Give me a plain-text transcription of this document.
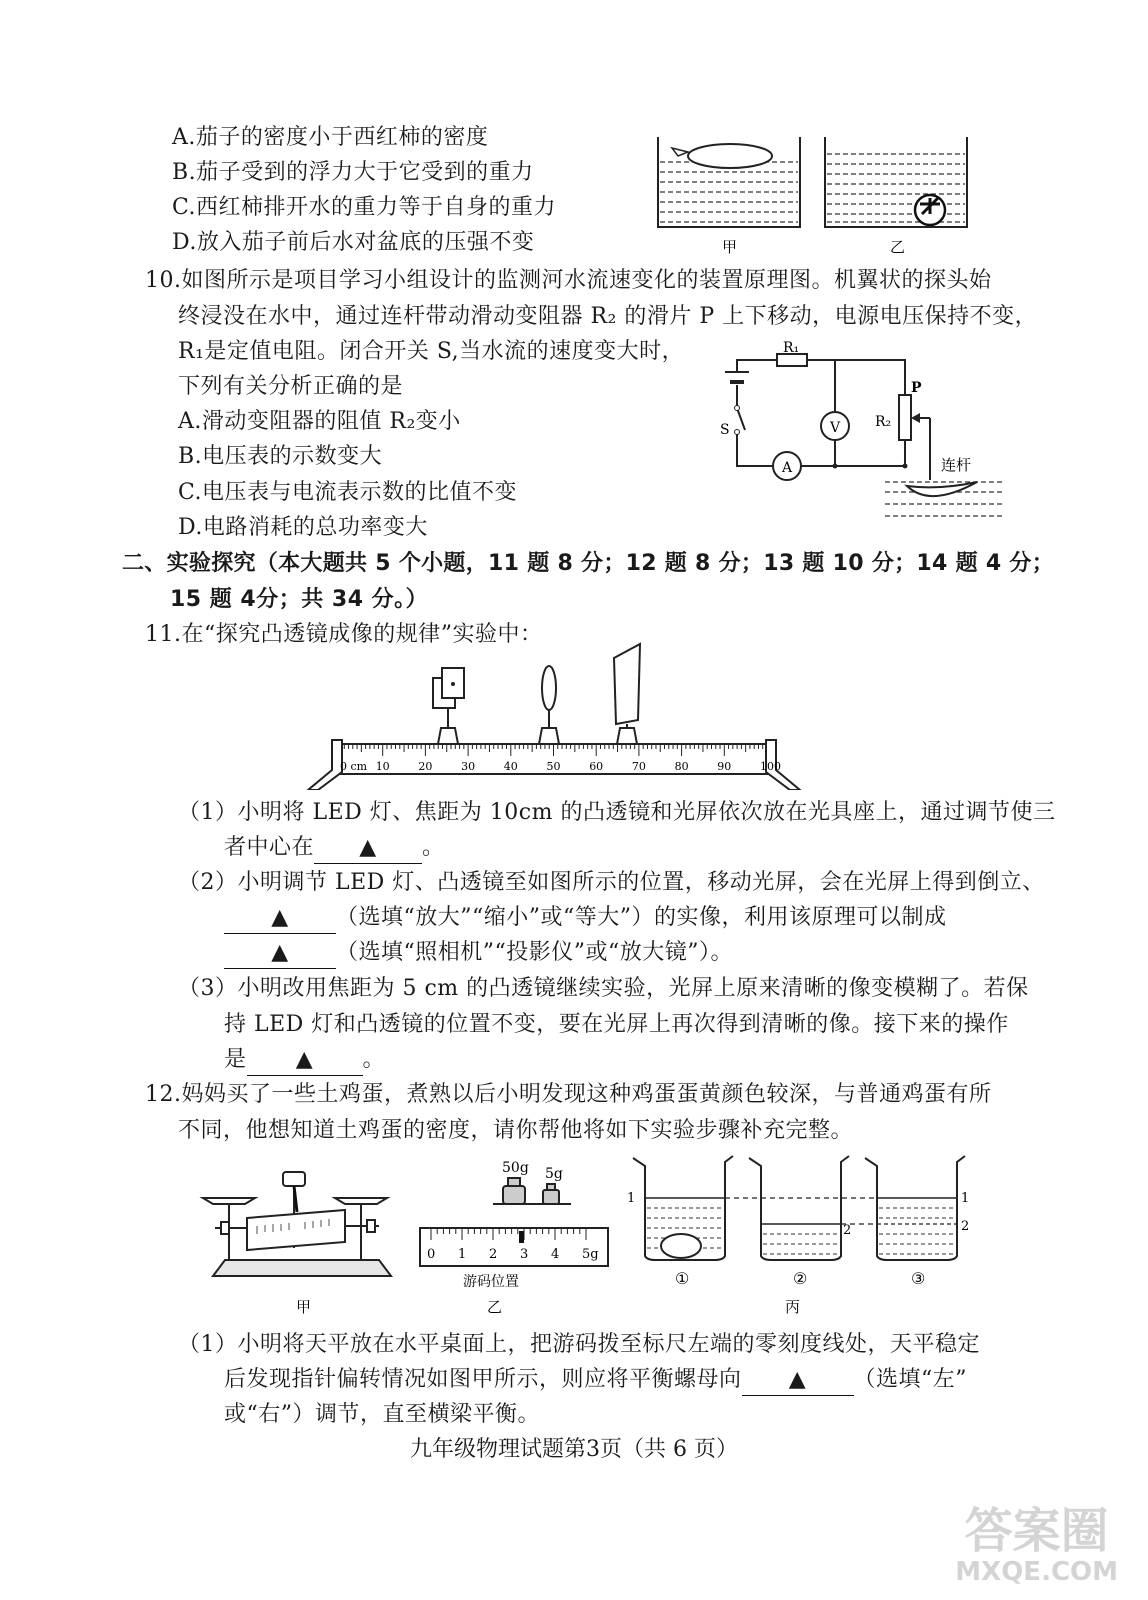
A.茄子的密度小于西红柿的密度
B.茄子受到的浮力大于它受到的重力
C.西红柿排开水的重力等于自身的重力
D.放入茄子前后水对盆底的压强不变	甲	乙
10.如图所示是项目学习小组设计的监测河水流速变化的装置原理图。机翼状的探头始
终浸没在水中，通过连杆带动滑动变阻器 R₂ 的滑片 P 上下移动，电源电压保持不变，
R₁是定值电阻。闭合开关 S,当水流的速度变大时，
下列有关分析正确的是
A.滑动变阻器的阻值 R₂变小
B.电压表的示数变大
C.电压表与电流表示数的比值不变
D.电路消耗的总功率变大
R₁
R₂
P
S	V
A	连杆
二、实验探究（本大题共 5 个小题，11 题 8 分；12 题 8 分；13 题 10 分；14 题 4 分；
15 题 4分；共 34 分。）
11.在“探究凸透镜成像的规律”实验中：
0 cm 10	20	30	40	50	60	70	80	90	100
（1）小明将 LED 灯、焦距为 10cm 的凸透镜和光屏依次放在光具座上，通过调节使三
者中心在 ▲ 。
（2）小明调节 LED 灯、凸透镜至如图所示的位置，移动光屏，会在光屏上得到倒立、
▲ （选填“放大”“缩小”或“等大”）的实像，利用该原理可以制成
▲ （选填“照相机”“投影仪”或“放大镜”）。
（3）小明改用焦距为 5 cm 的凸透镜继续实验，光屏上原来清晰的像变模糊了。若保
持 LED 灯和凸透镜的位置不变，要在光屏上再次得到清晰的像。接下来的操作
是 ▲ 。
12.妈妈买了一些土鸡蛋，煮熟以后小明发现这种鸡蛋蛋黄颜色较深，与普通鸡蛋有所
不同，他想知道土鸡蛋的密度，请你帮他将如下实验步骤补充完整。
50g 5g
0 1 2 3 4 5g
游码位置
1
2
1
2
①	②	③
甲	乙	丙
（1）小明将天平放在水平桌面上，把游码拨至标尺左端的零刻度线处，天平稳定
后发现指针偏转情况如图甲所示，则应将平衡螺母向 ▲ （选填“左”
或“右”）调节，直至横梁平衡。
九年级物理试题第3页（共 6 页）
答案圈
MXQE.COM
